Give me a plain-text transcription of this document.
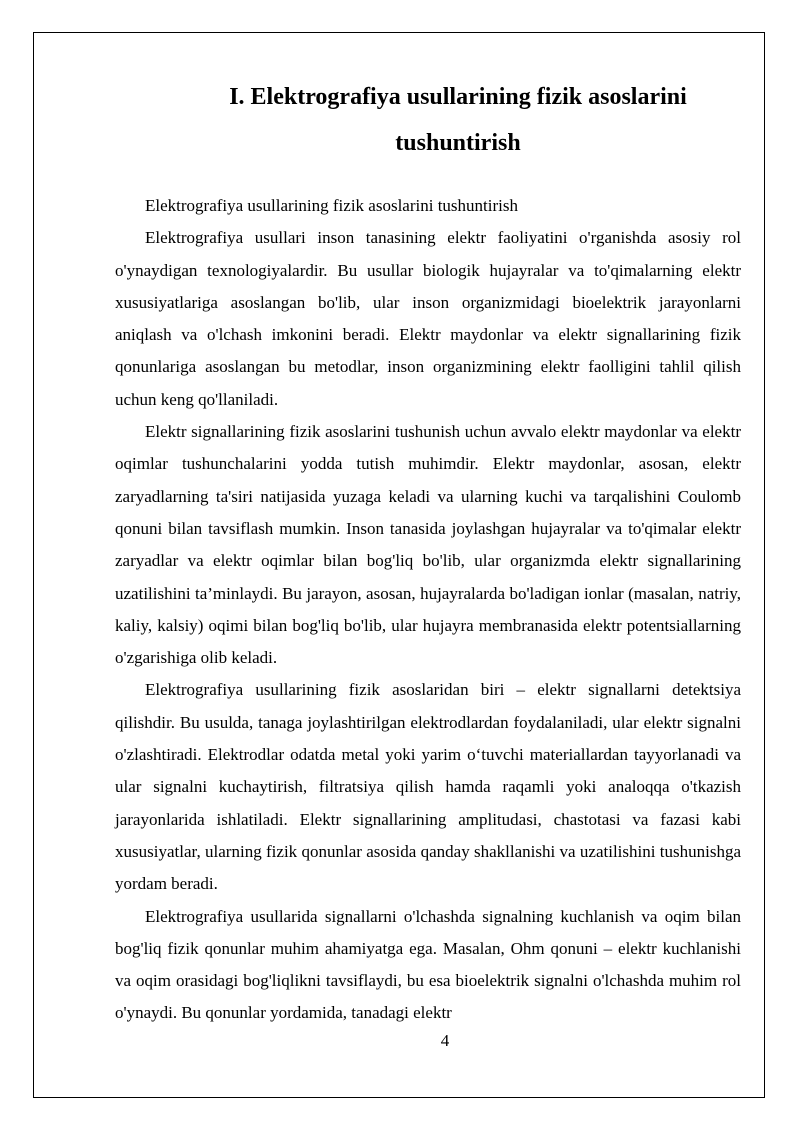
I. Elektrografiya usullarining fizik asoslarini
tushuntirish

Elektrografiya usullarining fizik asoslarini tushuntirish

Elektrografiya usullari inson tanasining elektr faoliyatini o'rganishda asosiy rol o'ynaydigan texnologiyalardir. Bu usullar biologik hujayralar va to'qimalarning elektr xususiyatlariga asoslangan bo'lib, ular inson organizmidagi bioelektrik jarayonlarni aniqlash va o'lchash imkonini beradi. Elektr maydonlar va elektr signallarining fizik qonunlariga asoslangan bu metodlar, inson organizmining elektr faolligini tahlil qilish uchun keng qo'llaniladi.

Elektr signallarining fizik asoslarini tushunish uchun avvalo elektr maydonlar va elektr oqimlar tushunchalarini yodda tutish muhimdir. Elektr maydonlar, asosan, elektr zaryadlarning ta'siri natijasida yuzaga keladi va ularning kuchi va tarqalishini Coulomb qonuni bilan tavsiflash mumkin. Inson tanasida joylashgan hujayralar va to'qimalar elektr zaryadlar va elektr oqimlar bilan bog'liq bo'lib, ular organizmda elektr signallarining uzatilishini ta’minlaydi. Bu jarayon, asosan, hujayralarda bo'ladigan ionlar (masalan, natriy, kaliy, kalsiy) oqimi bilan bog'liq bo'lib, ular hujayra membranasida elektr potentsiallarning o'zgarishiga olib keladi.

Elektrografiya usullarining fizik asoslaridan biri – elektr signallarni detektsiya qilishdir. Bu usulda, tanaga joylashtirilgan elektrodlardan foydalaniladi, ular elektr signalni o'zlashtiradi. Elektrodlar odatda metal yoki yarim o‘tuvchi materiallardan tayyorlanadi va ular signalni kuchaytirish, filtratsiya qilish hamda raqamli yoki analoqqa o'tkazish jarayonlarida ishlatiladi. Elektr signallarining amplitudasi, chastotasi va fazasi kabi xususiyatlar, ularning fizik qonunlar asosida qanday shakllanishi va uzatilishini tushunishga yordam beradi.

Elektrografiya usullarida signallarni o'lchashda signalning kuchlanish va oqim bilan bog'liq fizik qonunlar muhim ahamiyatga ega. Masalan, Ohm qonuni – elektr kuchlanishi va oqim orasidagi bog'liqlikni tavsiflaydi, bu esa bioelektrik signalni o'lchashda muhim rol o'ynaydi. Bu qonunlar yordamida, tanadagi elektr

4
